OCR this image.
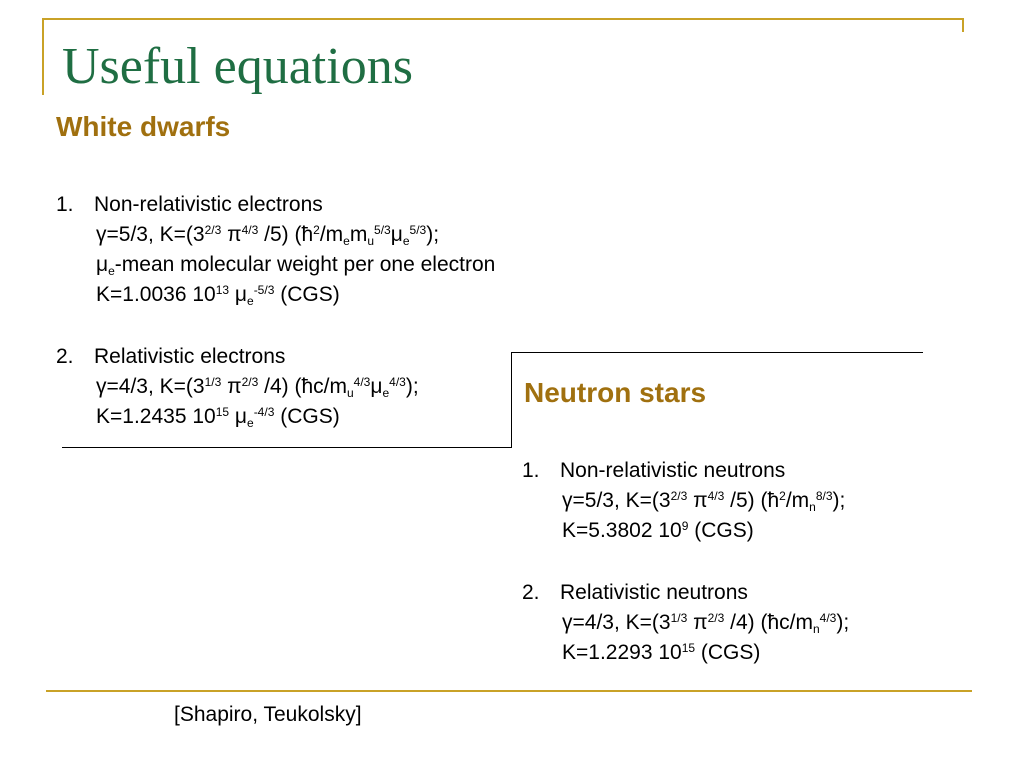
Useful equations
White dwarfs
1. Non-relativistic electrons
γ=5/3, $K=(3^{2/3}$ $\pi^{4/3}$ /5) $(ħ^2/m_em_u^{5/3}\mu_e^{5/3})$;
$\mu_e$-mean molecular weight per one electron
K=1.0036 $10^{13}$ $\mu_e^{-5/3}$ (CGS)
2. Relativistic electrons
γ=4/3, $K=(3^{1/3}$ $\pi^{2/3}$ /4) $(ħc/m_u^{4/3}\mu_e^{4/3})$;
K=1.2435 $10^{15}$ $\mu_e^{-4/3}$ (CGS)
Neutron stars
1. Non-relativistic neutrons
γ=5/3, $K=(3^{2/3}$ $\pi^{4/3}$ /5) $(ħ^2/m_n^{8/3})$;
K=5.3802 $10^9$ (CGS)
2. Relativistic neutrons
γ=4/3, $K=(3^{1/3}$ $\pi^{2/3}$ /4) $(ħc/m_n^{4/3})$;
K=1.2293 $10^{15}$ (CGS)
[Shapiro, Teukolsky]
